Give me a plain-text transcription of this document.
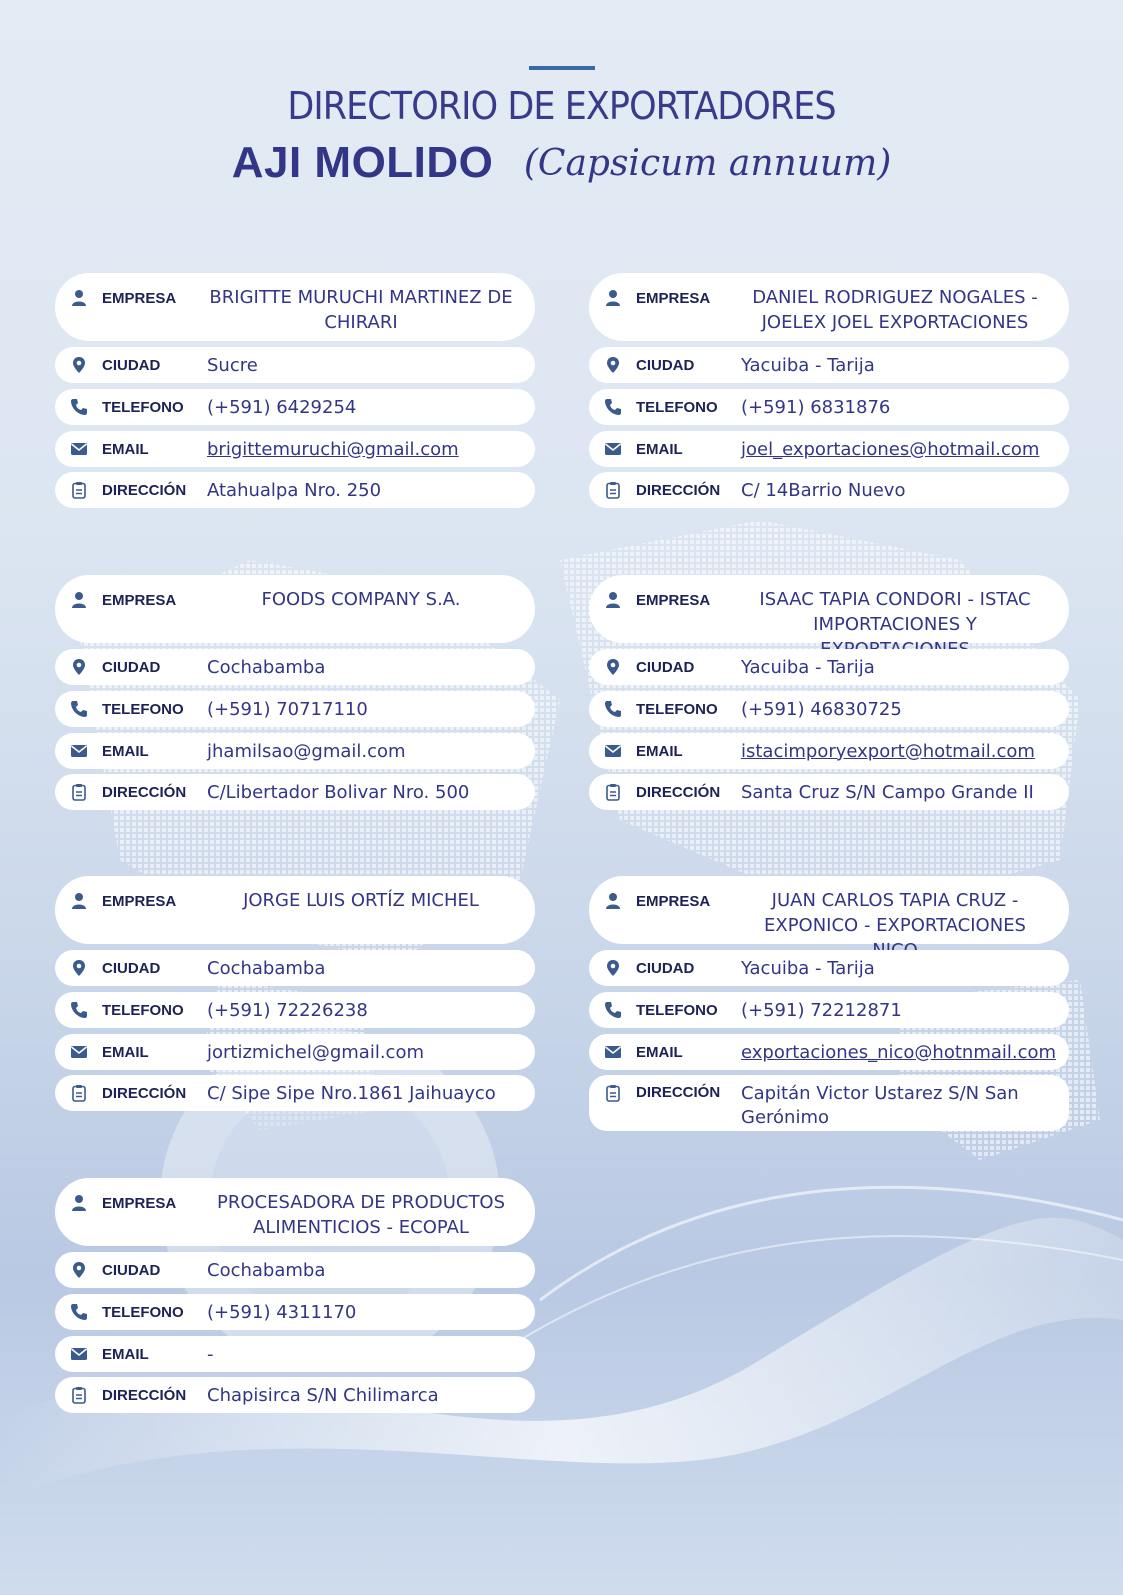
DIRECTORIO DE EXPORTADORES
AJI MOLIDO (Capsicum annuum)
EMPRESA BRIGITTE MURUCHI MARTINEZ DE CHIRARI
CIUDAD	Sucre
TELEFONO (+591) 6429254
EMAIL	brigittemuruchi@gmail.com
DIRECCIÓN Atahualpa Nro. 250
EMPRESA	DANIEL RODRIGUEZ NOGALES - JOELEX JOEL EXPORTACIONES
CIUDAD	Yacuiba - Tarija
TELEFONO (+591) 6831876
EMAIL	joel_exportaciones@hotmail.com
DIRECCIÓN C/ 14Barrio Nuevo
EMPRESA	FOODS COMPANY S.A.
CIUDAD	Cochabamba
TELEFONO (+591) 70717110
EMAIL	jhamilsao@gmail.com
DIRECCIÓN C/Libertador Bolivar Nro. 500
EMPRESA	ISAAC TAPIA CONDORI - ISTAC IMPORTACIONES Y
CIUDAD	Yacuiba - Tarija
TELEFONO (+591) 46830725
EMAIL	istacimporyexport@hotmail.com
DIRECCIÓN Santa Cruz S/N Campo Grande II
EMPRESA	JORGE LUIS ORTÍZ MICHEL
CIUDAD	Cochabamba
TELEFONO (+591) 72226238
EMAIL	jortizmichel@gmail.com
DIRECCIÓN C/ Sipe Sipe Nro.1861 Jaihuayco
EMPRESA	JUAN CARLOS TAPIA CRUZ - EXPONICO - EXPORTACIONES
CIUDAD	Yacuiba - Tarija
TELEFONO (+591) 72212871
EMAIL	exportaciones_nico@hotnmail.com
DIRECCIÓN Capitán Victor Ustarez S/N San Gerónimo
EMPRESA	PROCESADORA DE PRODUCTOS ALIMENTICIOS - ECOPAL
CIUDAD	Cochabamba
TELEFONO (+591) 4311170
EMAIL	-
DIRECCIÓN Chapisirca S/N Chilimarca
